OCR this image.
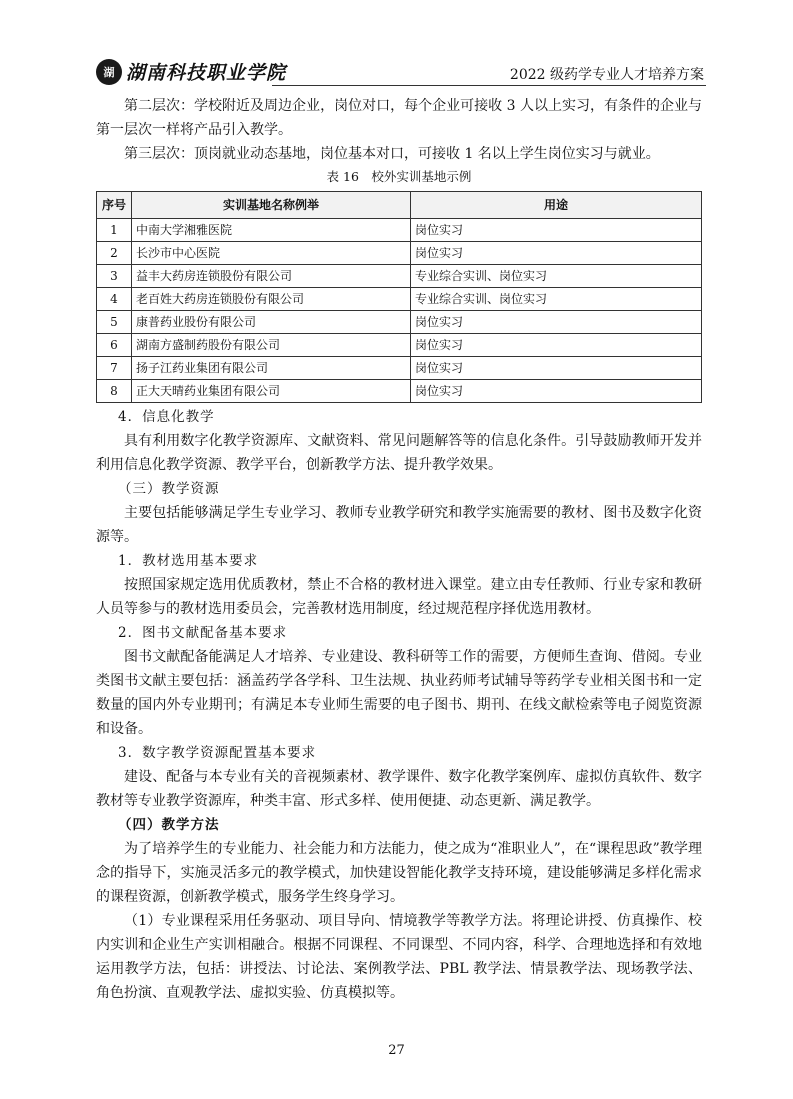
湖 湖南科技职业学院	2022 级药学专业人才培养方案

第二层次：学校附近及周边企业，岗位对口，每个企业可接收 3 人以上实习，有条件的企业与第一层次一样将产品引入教学。

第三层次：顶岗就业动态基地，岗位基本对口，可接收 1 名以上学生岗位实习与就业。

表 16　校外实训基地示例

序号	实训基地名称例举	用途
1	中南大学湘雅医院	岗位实习
2	长沙市中心医院	岗位实习
3	益丰大药房连锁股份有限公司	专业综合实训、岗位实习
4	老百姓大药房连锁股份有限公司	专业综合实训、岗位实习
5	康普药业股份有限公司	岗位实习
6	湖南方盛制药股份有限公司	岗位实习
7	扬子江药业集团有限公司	岗位实习
8	正大天晴药业集团有限公司	岗位实习

4．信息化教学

具有利用数字化教学资源库、文献资料、常见问题解答等的信息化条件。引导鼓励教师开发并利用信息化教学资源、教学平台，创新教学方法、提升教学效果。

（三）教学资源

主要包括能够满足学生专业学习、教师专业教学研究和教学实施需要的教材、图书及数字化资源等。

1．教材选用基本要求

按照国家规定选用优质教材，禁止不合格的教材进入课堂。建立由专任教师、行业专家和教研人员等参与的教材选用委员会，完善教材选用制度，经过规范程序择优选用教材。

2．图书文献配备基本要求

图书文献配备能满足人才培养、专业建设、教科研等工作的需要，方便师生查询、借阅。专业类图书文献主要包括：涵盖药学各学科、卫生法规、执业药师考试辅导等药学专业相关图书和一定数量的国内外专业期刊；有满足本专业师生需要的电子图书、期刊、在线文献检索等电子阅览资源和设备。

3．数字教学资源配置基本要求

建设、配备与本专业有关的音视频素材、教学课件、数字化教学案例库、虚拟仿真软件、数字教材等专业教学资源库，种类丰富、形式多样、使用便捷、动态更新、满足教学。

（四）教学方法

为了培养学生的专业能力、社会能力和方法能力，使之成为“准职业人”，在“课程思政”教学理念的指导下，实施灵活多元的教学模式，加快建设智能化教学支持环境，建设能够满足多样化需求的课程资源，创新教学模式，服务学生终身学习。

（1）专业课程采用任务驱动、项目导向、情境教学等教学方法。将理论讲授、仿真操作、校内实训和企业生产实训相融合。根据不同课程、不同课型、不同内容，科学、合理地选择和有效地运用教学方法，包括：讲授法、讨论法、案例教学法、PBL 教学法、情景教学法、现场教学法、角色扮演、直观教学法、虚拟实验、仿真模拟等。

27
